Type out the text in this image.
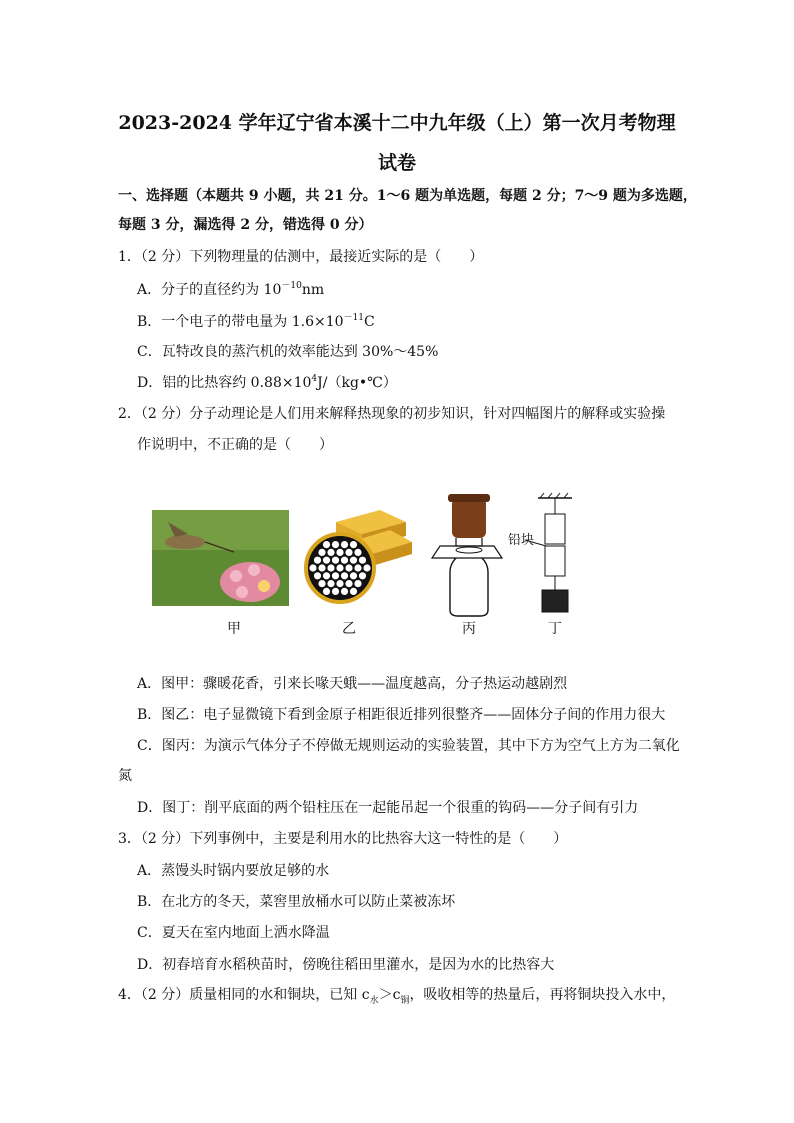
2023-2024 学年辽宁省本溪十二中九年级（上）第一次月考物理
试卷
一、选择题（本题共 9 小题，共 21 分。1～6 题为单选题，每题 2 分；7～9 题为多选题，
每题 3 分，漏选得 2 分，错选得 0 分）
1．（2 分）下列物理量的估测中，最接近实际的是（　　）
A．分子的直径约为 $10^{-10}nm$
B．一个电子的带电量为 $1.6\times 10^{-11}C$
C．瓦特改良的蒸汽机的效率能达到 30%～45%
D．铝的比热容约 $0.88\times 10^4J/(kg•℃)$
2．（2 分）分子动理论是人们用来解释热现象的初步知识，针对四幅图片的解释或实验操
作说明中，不正确的是（　　）
铅块
甲	乙	丙	丁
A．图甲：骤暖花香，引来长喙天蛾——温度越高，分子热运动越剧烈
B．图乙：电子显微镜下看到金原子相距很近排列很整齐——固体分子间的作用力很大
C．图丙：为演示气体分子不停做无规则运动的实验装置，其中下方为空气上方为二氧化
氮
D．图丁：削平底面的两个铅柱压在一起能吊起一个很重的钩码——分子间有引力
3．（2 分）下列事例中，主要是利用水的比热容大这一特性的是（　　）
A．蒸馒头时锅内要放足够的水
B．在北方的冬天，菜窖里放桶水可以防止菜被冻坏
C．夏天在室内地面上洒水降温
D．初春培育水稻秧苗时，傍晚往稻田里灌水，是因为水的比热容大
4．（2 分）质量相同的水和铜块，已知 $c_水>c_铜$，吸收相等的热量后，再将铜块投入水中，
